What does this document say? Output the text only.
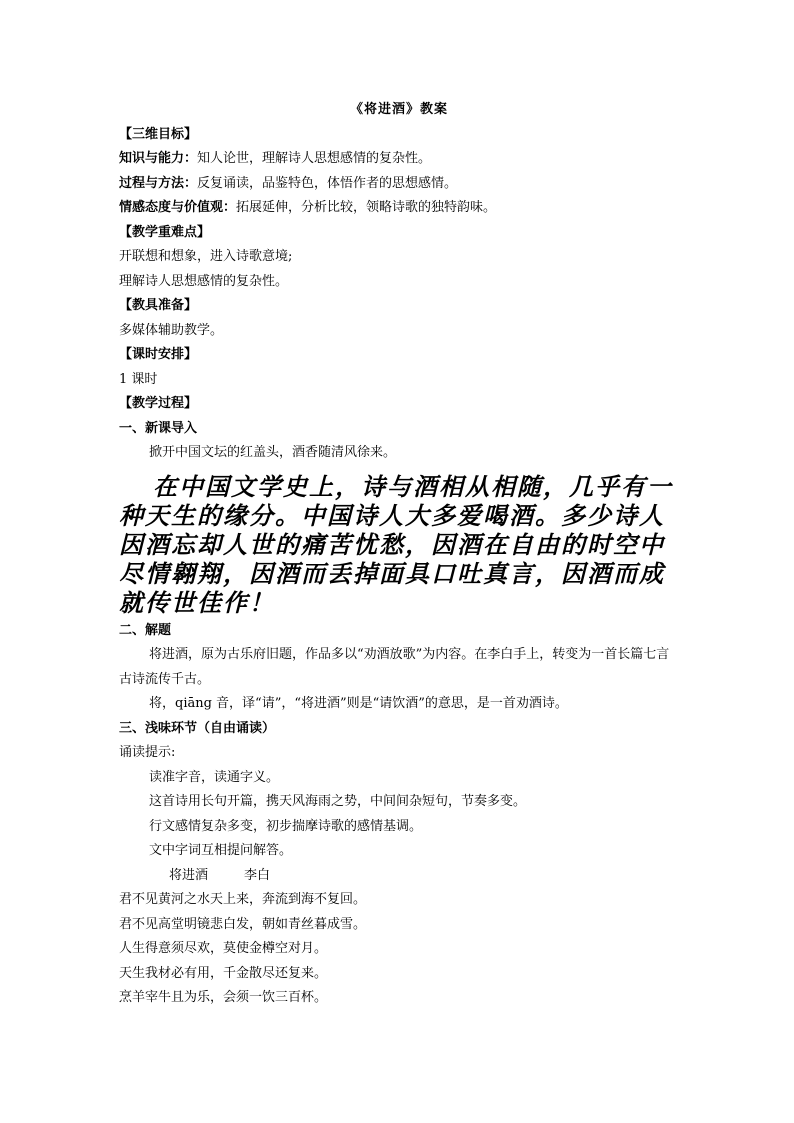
《将进酒》教案
【三维目标】
知识与能力：知人论世，理解诗人思想感情的复杂性。
过程与方法：反复诵读，品鉴特色，体悟作者的思想感情。
情感态度与价值观：拓展延伸，分析比较，领略诗歌的独特韵味。
【教学重难点】
开联想和想象，进入诗歌意境;
理解诗人思想感情的复杂性。
【教具准备】
多媒体辅助教学。
【课时安排】
1 课时
【教学过程】
一、新课导入
掀开中国文坛的红盖头，酒香随清风徐来。
在中国文学史上，诗与酒相从相随，几乎有一种天生的缘分。中国诗人大多爱喝酒。多少诗人因酒忘却人世的痛苦忧愁，因酒在自由的时空中尽情翱翔，因酒而丢掉面具口吐真言，因酒而成就传世佳作！
二、解题
将进酒，原为古乐府旧题，作品多以“劝酒放歌”为内容。在李白手上，转变为一首长篇七言古诗流传千古。
将，qiāng 音，译“请”，“将进酒”则是“请饮酒”的意思，是一首劝酒诗。
三、浅味环节（自由诵读）
诵读提示:
读准字音，读通字义。
这首诗用长句开篇，携天风海雨之势，中间间杂短句，节奏多变。
行文感情复杂多变，初步揣摩诗歌的感情基调。
文中字词互相提问解答。
将进酒	李白
君不见黄河之水天上来，奔流到海不复回。
君不见高堂明镜悲白发，朝如青丝暮成雪。
人生得意须尽欢，莫使金樽空对月。
天生我材必有用，千金散尽还复来。
烹羊宰牛且为乐，会须一饮三百杯。
